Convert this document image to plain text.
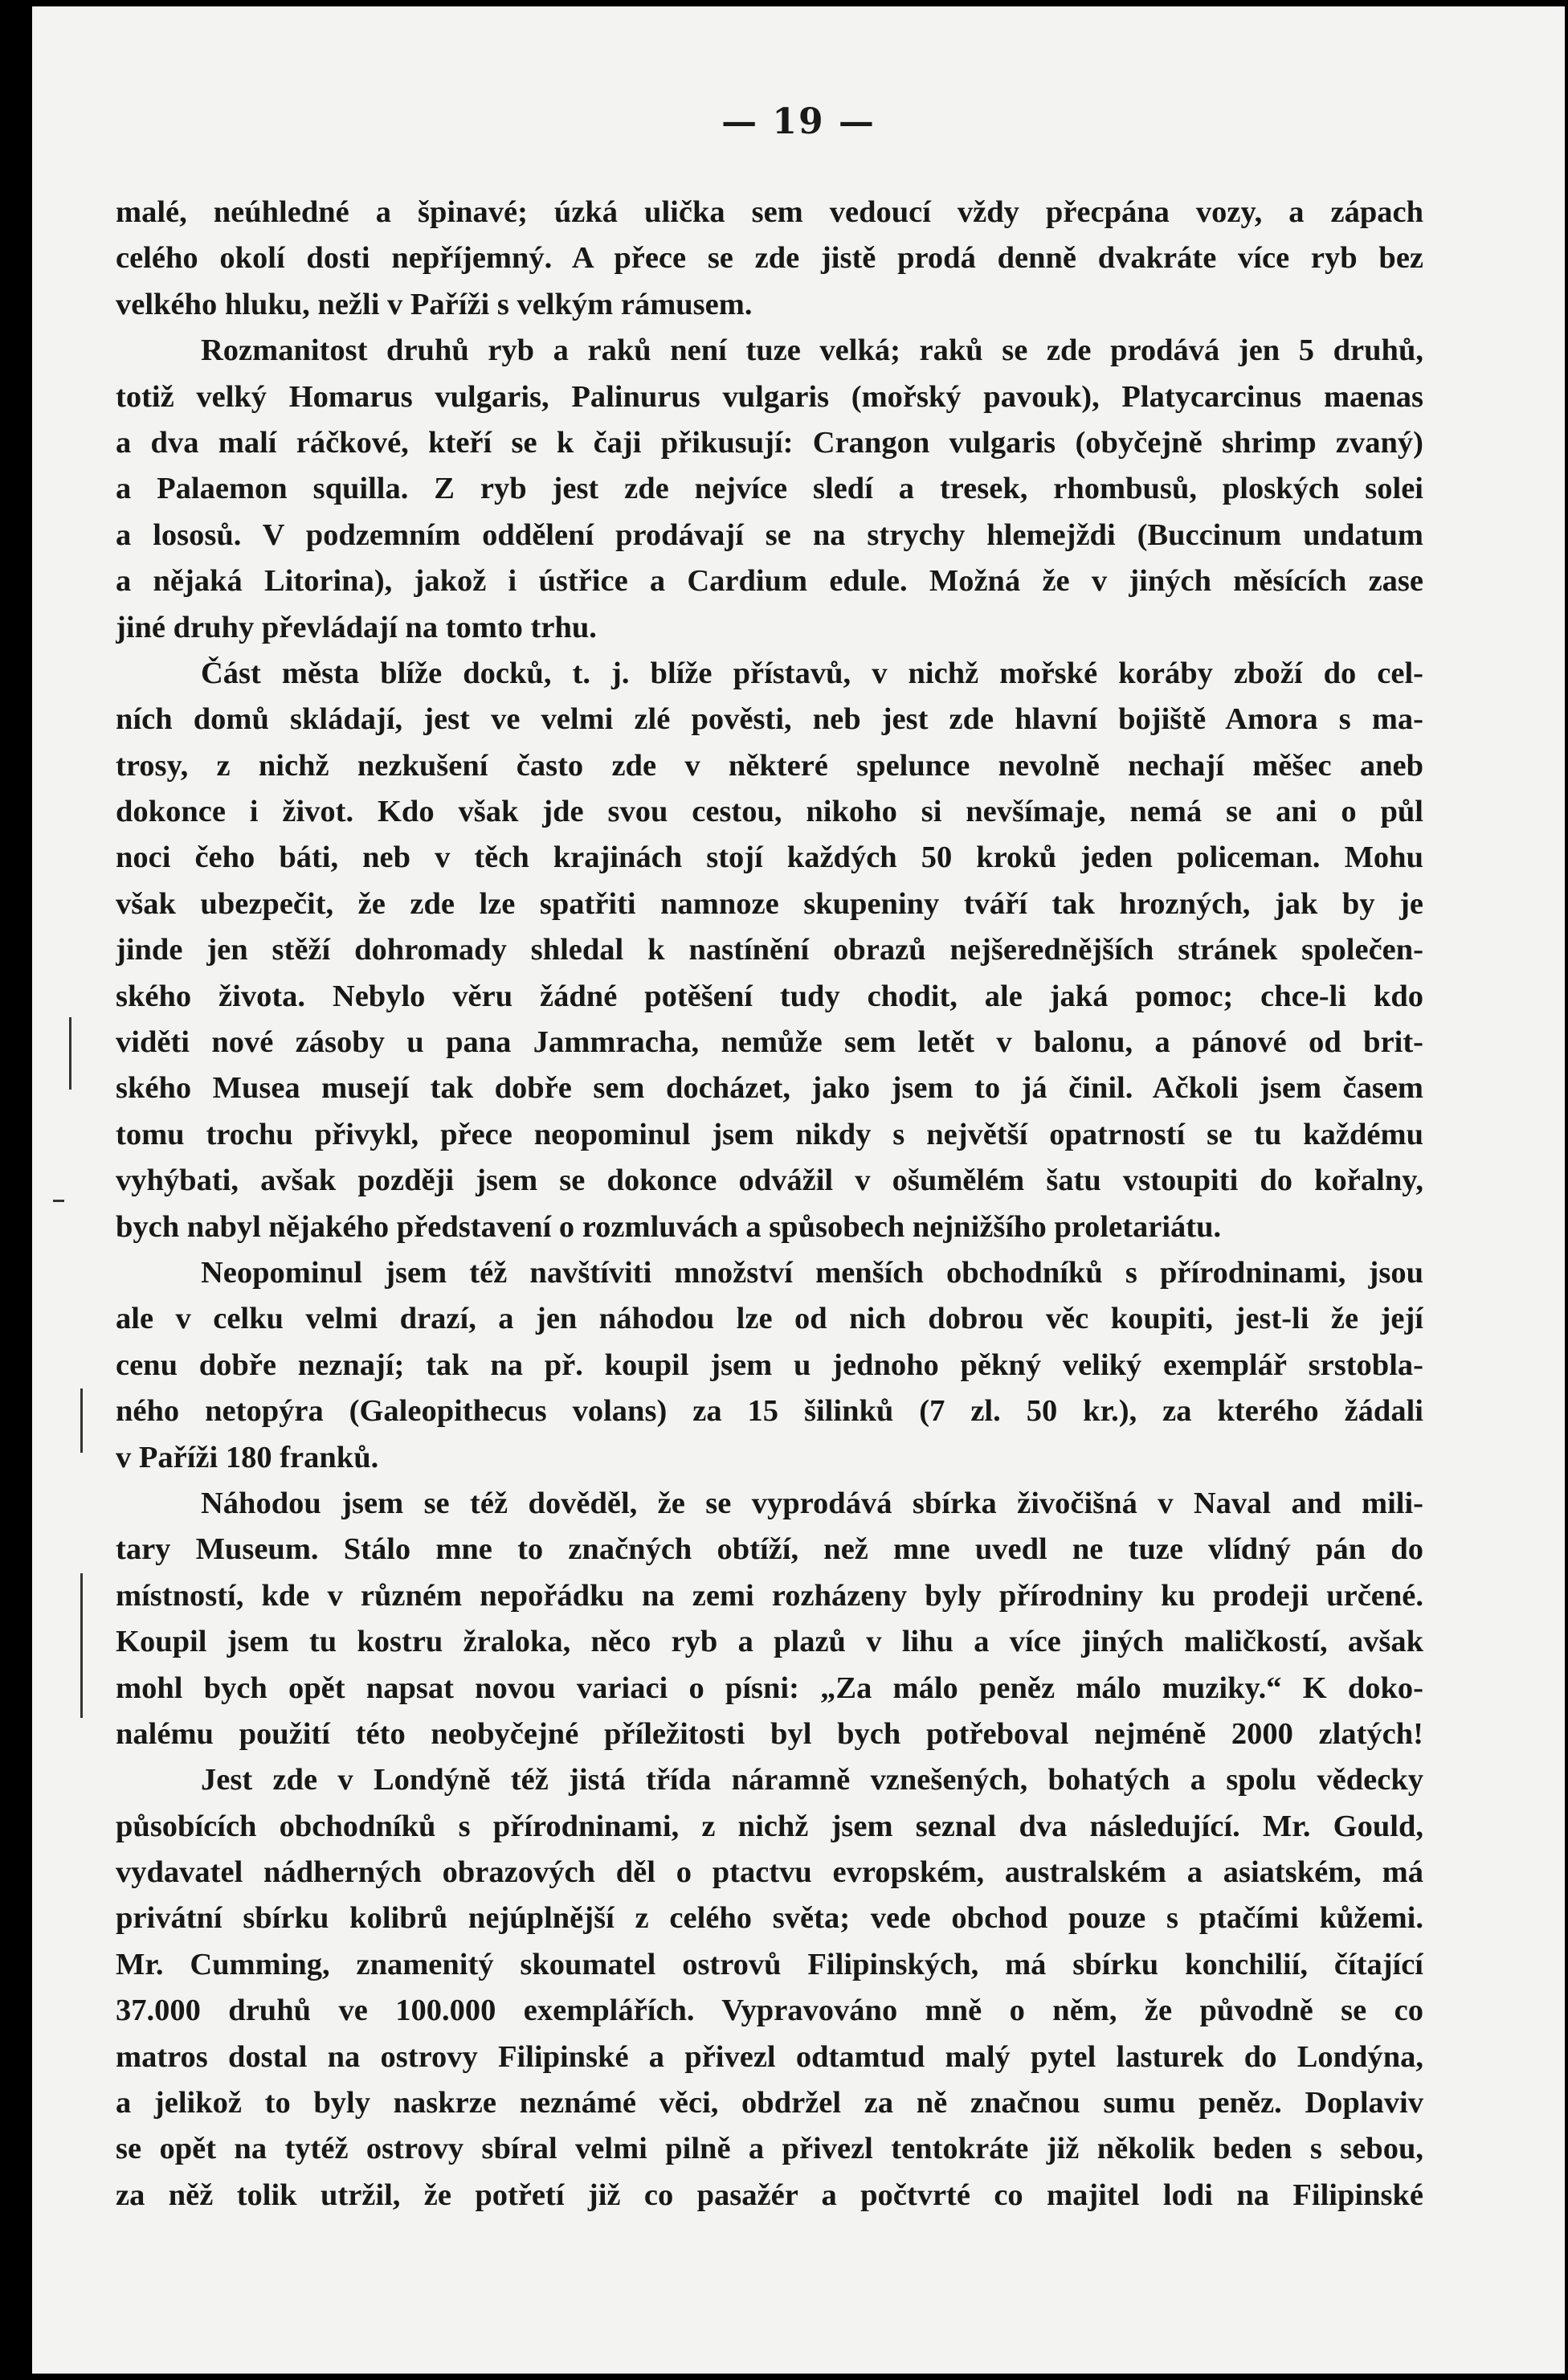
— 19 —
malé, neúhledné a špinavé; úzká ulička sem vedoucí vždy přecpána vozy, a zápach
celého okolí dosti nepříjemný. A přece se zde jistě prodá denně dvakráte více ryb bez
velkého hluku, nežli v Paříži s velkým rámusem.
Rozmanitost druhů ryb a raků není tuze velká; raků se zde prodává jen 5 druhů,
totiž velký Homarus vulgaris, Palinurus vulgaris (mořský pavouk), Platycarcinus maenas
a dva malí ráčkové, kteří se k čaji přikusují: Crangon vulgaris (obyčejně shrimp zvaný)
a Palaemon squilla. Z ryb jest zde nejvíce sledí a tresek, rhombusů, ploských solei
a lososů. V podzemním oddělení prodávají se na strychy hlemejždi (Buccinum undatum
a nějaká Litorina), jakož i ústřice a Cardium edule. Možná že v jiných měsících zase
jiné druhy převládají na tomto trhu.
Část města blíže docků, t. j. blíže přístavů, v nichž mořské koráby zboží do cel-
ních domů skládají, jest ve velmi zlé pověsti, neb jest zde hlavní bojiště Amora s ma-
trosy, z nichž nezkušení často zde v některé spelunce nevolně nechají měšec aneb
dokonce i život. Kdo však jde svou cestou, nikoho si nevšímaje, nemá se ani o půl
noci čeho báti, neb v těch krajinách stojí každých 50 kroků jeden policeman. Mohu
však ubezpečit, že zde lze spatřiti namnoze skupeniny tváří tak hrozných, jak by je
jinde jen stěží dohromady shledal k nastínění obrazů nejšerednějších stránek společen-
ského života. Nebylo věru žádné potěšení tudy chodit, ale jaká pomoc; chce-li kdo
viděti nové zásoby u pana Jammracha, nemůže sem letět v balonu, a pánové od brit-
ského Musea musejí tak dobře sem docházet, jako jsem to já činil. Ačkoli jsem časem
tomu trochu přivykl, přece neopominul jsem nikdy s největší opatrností se tu každému
vyhýbati, avšak později jsem se dokonce odvážil v ošumělém šatu vstoupiti do kořalny,
bych nabyl nějakého představení o rozmluvách a spůsobech nejnižšího proletariátu.
Neopominul jsem též navštíviti množství menších obchodníků s přírodninami, jsou
ale v celku velmi drazí, a jen náhodou lze od nich dobrou věc koupiti, jest-li že její
cenu dobře neznají; tak na př. koupil jsem u jednoho pěkný veliký exemplář srstobla-
ného netopýra (Galeopithecus volans) za 15 šilinků (7 zl. 50 kr.), za kterého žádali
v Paříži 180 franků.
Náhodou jsem se též dověděl, že se vyprodává sbírka živočišná v Naval and mili-
tary Museum. Stálo mne to značných obtíží, než mne uvedl ne tuze vlídný pán do
místností, kde v různém nepořádku na zemi rozházeny byly přírodniny ku prodeji určené.
Koupil jsem tu kostru žraloka, něco ryb a plazů v lihu a více jiných maličkostí, avšak
mohl bych opět napsat novou variaci o písni: „Za málo peněz málo muziky.“ K doko-
nalému použití této neobyčejné příležitosti byl bych potřeboval nejméně 2000 zlatých!
Jest zde v Londýně též jistá třída náramně vznešených, bohatých a spolu vědecky
působících obchodníků s přírodninami, z nichž jsem seznal dva následující. Mr. Gould,
vydavatel nádherných obrazových děl o ptactvu evropském, australském a asiatském, má
privátní sbírku kolibrů nejúplnější z celého světa; vede obchod pouze s ptačími kůžemi.
Mr. Cumming, znamenitý skoumatel ostrovů Filipinských, má sbírku konchilií, čítající
37.000 druhů ve 100.000 exemplářích. Vypravováno mně o něm, že původně se co
matros dostal na ostrovy Filipinské a přivezl odtamtud malý pytel lasturek do Londýna,
a jelikož to byly naskrze neznámé věci, obdržel za ně značnou sumu peněz. Doplaviv
se opět na tytéž ostrovy sbíral velmi pilně a přivezl tentokráte již několik beden s sebou,
za něž tolik utržil, že potřetí již co pasažér a počtvrté co majitel lodi na Filipinské
